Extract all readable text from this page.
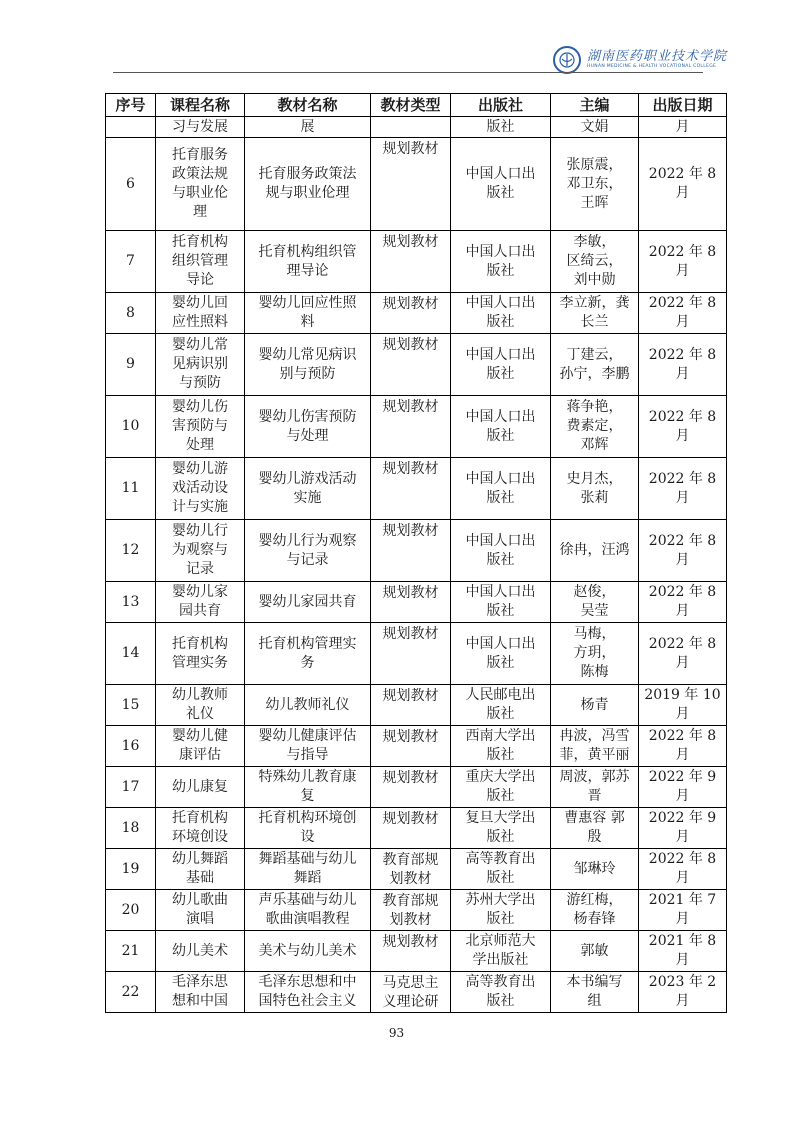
湖南医药职业技术学院
HUNAN MEDICINE & HEALTH VOCATIONAL COLLEGE
序号	课程名称	教材名称	教材类型	出版社	主编	出版日期
	习与发展	展		版社	文娟	月
6	托育服务
政策法规
与职业伦
理	托育服务政策法
规与职业伦理	规划教材	中国人口出
版社	张原震，
邓卫东，
王晖	2022 年 8
月
7	托育机构
组织管理
导论	托育机构组织管
理导论	规划教材	中国人口出
版社	李敏，
区绮云，
刘中勋	2022 年 8
月
8	婴幼儿回
应性照料	婴幼儿回应性照
料	规划教材	中国人口出
版社	李立新，龚
长兰	2022 年 8
月
9	婴幼儿常
见病识别
与预防	婴幼儿常见病识
别与预防	规划教材	中国人口出
版社	丁建云，
孙宁，李鹏	2022 年 8
月
10	婴幼儿伤
害预防与
处理	婴幼儿伤害预防
与处理	规划教材	中国人口出
版社	蒋争艳，
费素定，
邓辉	2022 年 8
月
11	婴幼儿游
戏活动设
计与实施	婴幼儿游戏活动
实施	规划教材	中国人口出
版社	史月杰，
张莉	2022 年 8
月
12	婴幼儿行
为观察与
记录	婴幼儿行为观察
与记录	规划教材	中国人口出
版社	徐冉，汪鸿	2022 年 8
月
13	婴幼儿家
园共育	婴幼儿家园共育	规划教材	中国人口出
版社	赵俊，
吴莹	2022 年 8
月
14	托育机构
管理实务	托育机构管理实
务	规划教材	中国人口出
版社	马梅，
方玥，
陈梅	2022 年 8
月
15	幼儿教师
礼仪	幼儿教师礼仪	规划教材	人民邮电出
版社	杨青	2019 年 10
月
16	婴幼儿健
康评估	婴幼儿健康评估
与指导	规划教材	西南大学出
版社	冉波，冯雪
菲，黄平丽	2022 年 8
月
17	幼儿康复	特殊幼儿教育康
复	规划教材	重庆大学出
版社	周波，郭苏
晋	2022 年 9
月
18	托育机构
环境创设	托育机构环境创
设	规划教材	复旦大学出
版社	曹惠容 郭
殷	2022 年 9
月
19	幼儿舞蹈
基础	舞蹈基础与幼儿
舞蹈	教育部规
划教材	高等教育出
版社	邹琳玲	2022 年 8
月
20	幼儿歌曲
演唱	声乐基础与幼儿
歌曲演唱教程	教育部规
划教材	苏州大学出
版社	游红梅，
杨春锋	2021 年 7
月
21	幼儿美术	美术与幼儿美术	规划教材	北京师范大
学出版社	郭敏	2021 年 8
月
22	毛泽东思
想和中国	毛泽东思想和中
国特色社会主义	马克思主
义理论研	高等教育出
版社	本书编写
组	2023 年 2
月
93
